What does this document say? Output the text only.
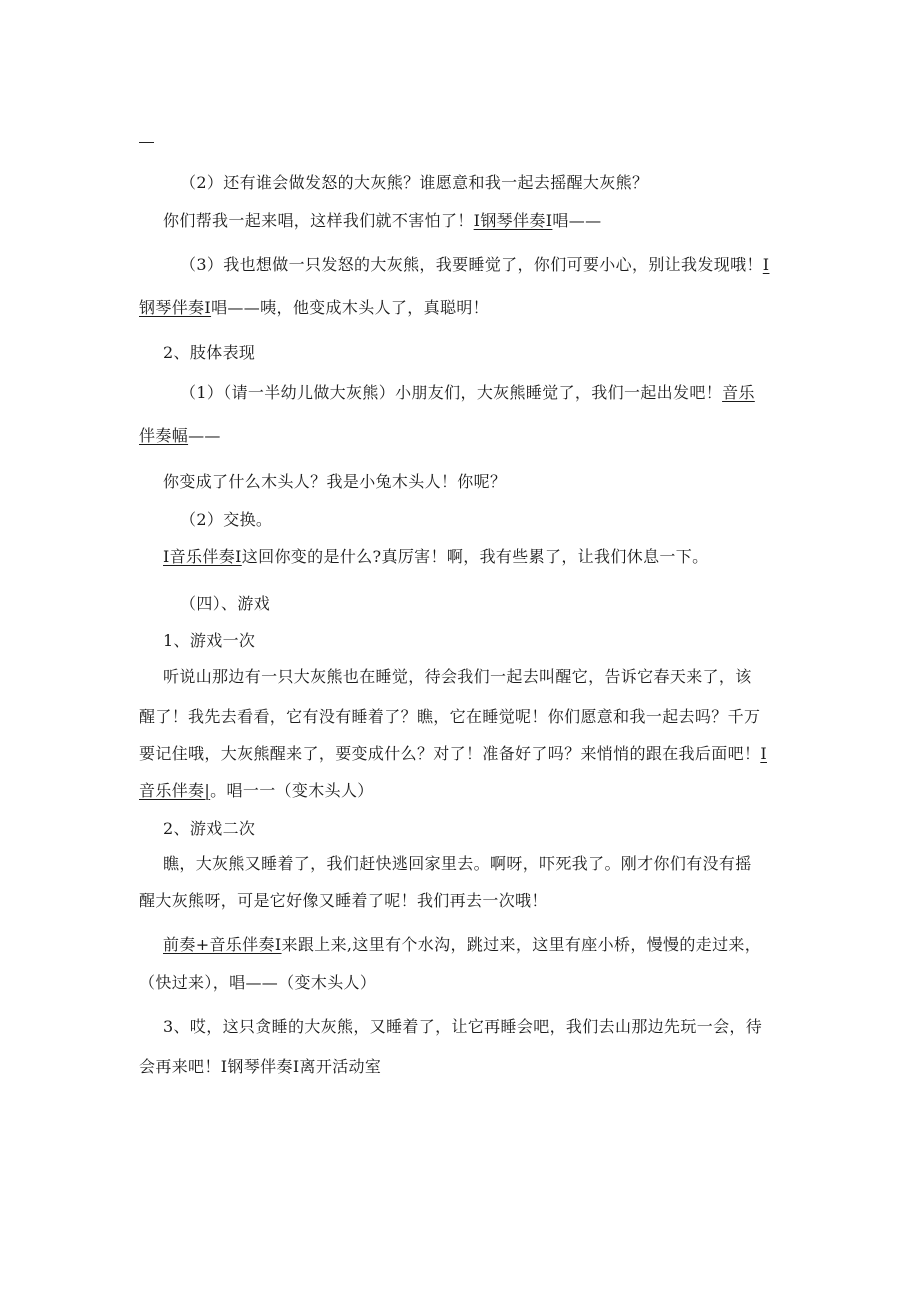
（2）还有谁会做发怒的大灰熊？谁愿意和我一起去摇醒大灰熊？

你们帮我一起来唱，这样我们就不害怕了！I钢琴伴奏I唱——

（3）我也想做一只发怒的大灰熊，我要睡觉了，你们可要小心，别让我发现哦！I

钢琴伴奏I唱——咦，他变成木头人了，真聪明！

2、肢体表现

（1）（请一半幼儿做大灰熊）小朋友们，大灰熊睡觉了，我们一起出发吧！音乐

伴奏幅——

你变成了什么木头人？我是小兔木头人！你呢？

（2）交换。

I音乐伴奏I这回你变的是什么?真厉害！啊，我有些累了，让我们休息一下。

（四）、游戏

1、游戏一次

听说山那边有一只大灰熊也在睡觉，待会我们一起去叫醒它，告诉它春天来了，该

醒了！我先去看看，它有没有睡着了？瞧，它在睡觉呢！你们愿意和我一起去吗？千万

要记住哦，大灰熊醒来了，要变成什么？对了！准备好了吗？来悄悄的跟在我后面吧！I

音乐伴奏|。唱一一（变木头人）

2、游戏二次

瞧，大灰熊又睡着了，我们赶快逃回家里去。啊呀，吓死我了。刚才你们有没有摇

醒大灰熊呀，可是它好像又睡着了呢！我们再去一次哦！

前奏+音乐伴奏I来跟上来,这里有个水沟，跳过来，这里有座小桥，慢慢的走过来，

（快过来），唱——（变木头人）

3、哎，这只贪睡的大灰熊，又睡着了，让它再睡会吧，我们去山那边先玩一会，待

会再来吧！I钢琴伴奏I离开活动室
